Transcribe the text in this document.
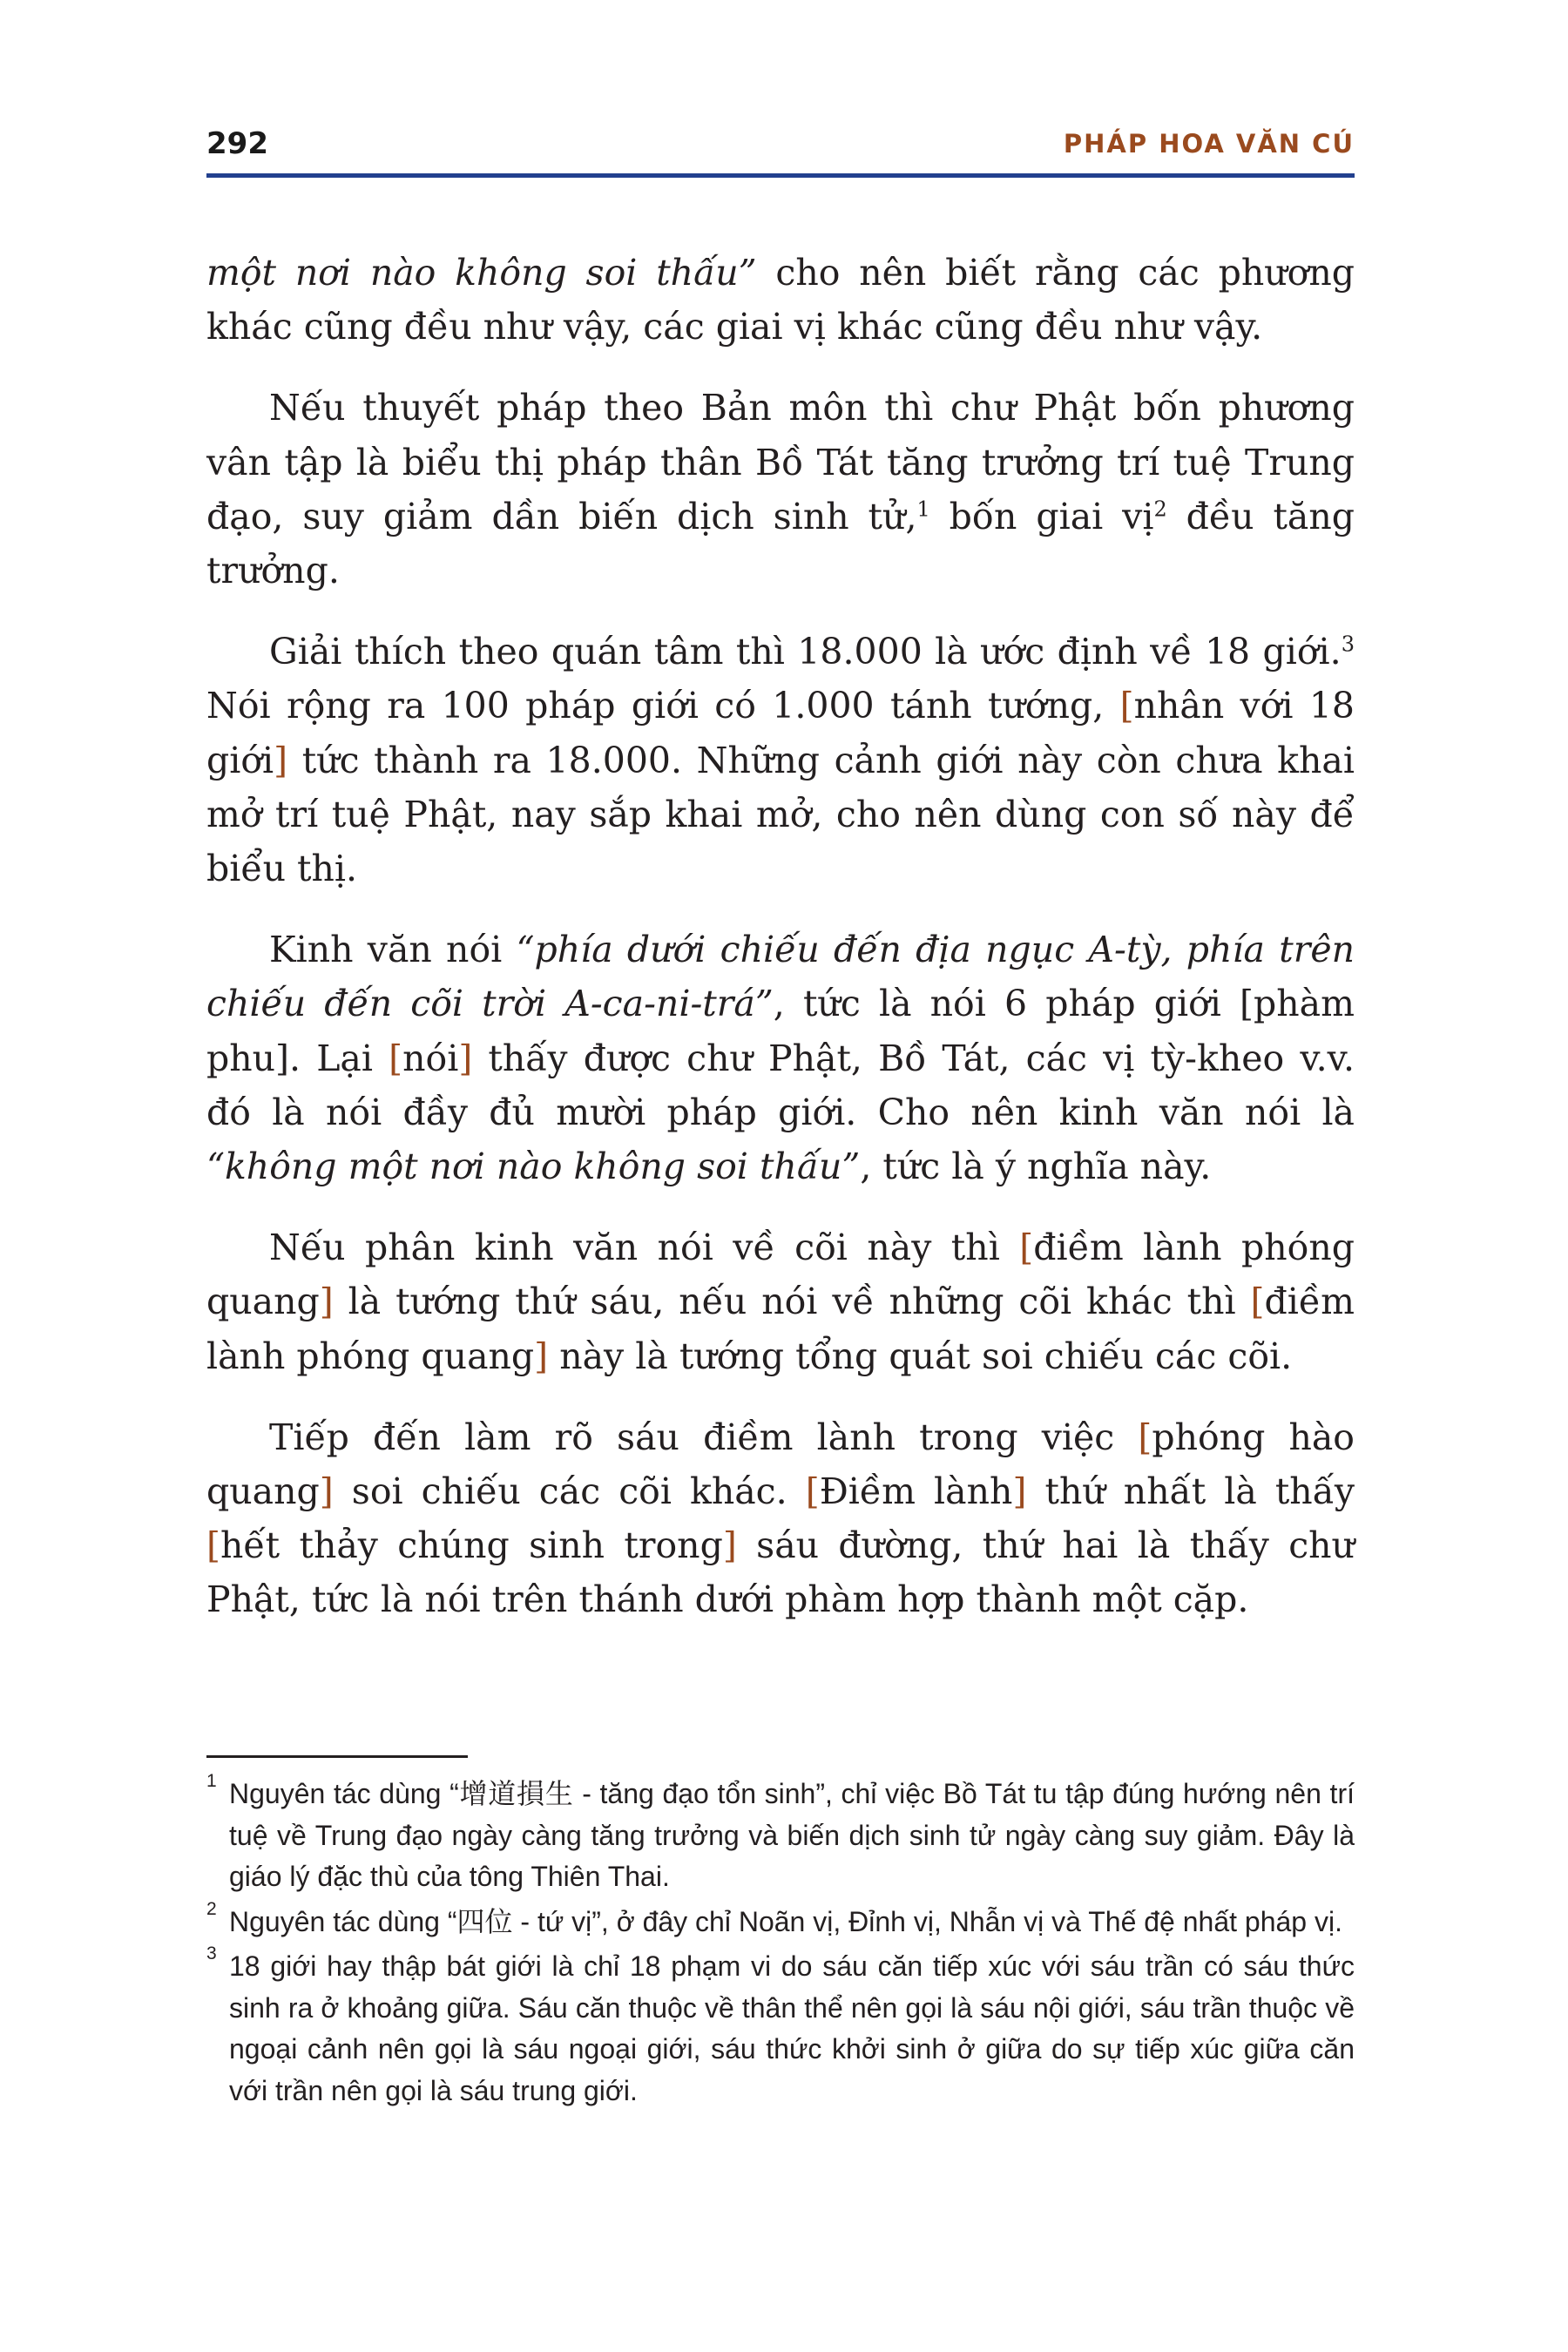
292	PHÁP HOA VĂN CÚ

một nơi nào không soi thấu” cho nên biết rằng các phương khác cũng đều như vậy, các giai vị khác cũng đều như vậy.

Nếu thuyết pháp theo Bản môn thì chư Phật bốn phương vân tập là biểu thị pháp thân Bồ Tát tăng trưởng trí tuệ Trung đạo, suy giảm dần biến dịch sinh tử,$^1$ bốn giai vị$^2$ đều tăng trưởng.

Giải thích theo quán tâm thì 18.000 là ước định về 18 giới.$^3$ Nói rộng ra 100 pháp giới có 1.000 tánh tướng, [nhân với 18 giới] tức thành ra 18.000. Những cảnh giới này còn chưa khai mở trí tuệ Phật, nay sắp khai mở, cho nên dùng con số này để biểu thị.

Kinh văn nói “phía dưới chiếu đến địa ngục A-tỳ, phía trên chiếu đến cõi trời A-ca-ni-trá”, tức là nói 6 pháp giới [phàm phu]. Lại [nói] thấy được chư Phật, Bồ Tát, các vị tỳ-kheo v.v. đó là nói đầy đủ mười pháp giới. Cho nên kinh văn nói là “không một nơi nào không soi thấu”, tức là ý nghĩa này.

Nếu phân kinh văn nói về cõi này thì [điềm lành phóng quang] là tướng thứ sáu, nếu nói về những cõi khác thì [điềm lành phóng quang] này là tướng tổng quát soi chiếu các cõi.

Tiếp đến làm rõ sáu điềm lành trong việc [phóng hào quang] soi chiếu các cõi khác. [Điềm lành] thứ nhất là thấy [hết thảy chúng sinh trong] sáu đường, thứ hai là thấy chư Phật, tức là nói trên thánh dưới phàm hợp thành một cặp.

1 Nguyên tác dùng “增道損生 - tăng đạo tổn sinh”, chỉ việc Bồ Tát tu tập đúng hướng nên trí tuệ về Trung đạo ngày càng tăng trưởng và biến dịch sinh tử ngày càng suy giảm. Đây là giáo lý đặc thù của tông Thiên Thai.
2 Nguyên tác dùng “四位 - tứ vị”, ở đây chỉ Noãn vị, Đỉnh vị, Nhẫn vị và Thế đệ nhất pháp vị.
3 18 giới hay thập bát giới là chỉ 18 phạm vi do sáu căn tiếp xúc với sáu trần có sáu thức sinh ra ở khoảng giữa. Sáu căn thuộc về thân thể nên gọi là sáu nội giới, sáu trần thuộc về ngoại cảnh nên gọi là sáu ngoại giới, sáu thức khởi sinh ở giữa do sự tiếp xúc giữa căn với trần nên gọi là sáu trung giới.
